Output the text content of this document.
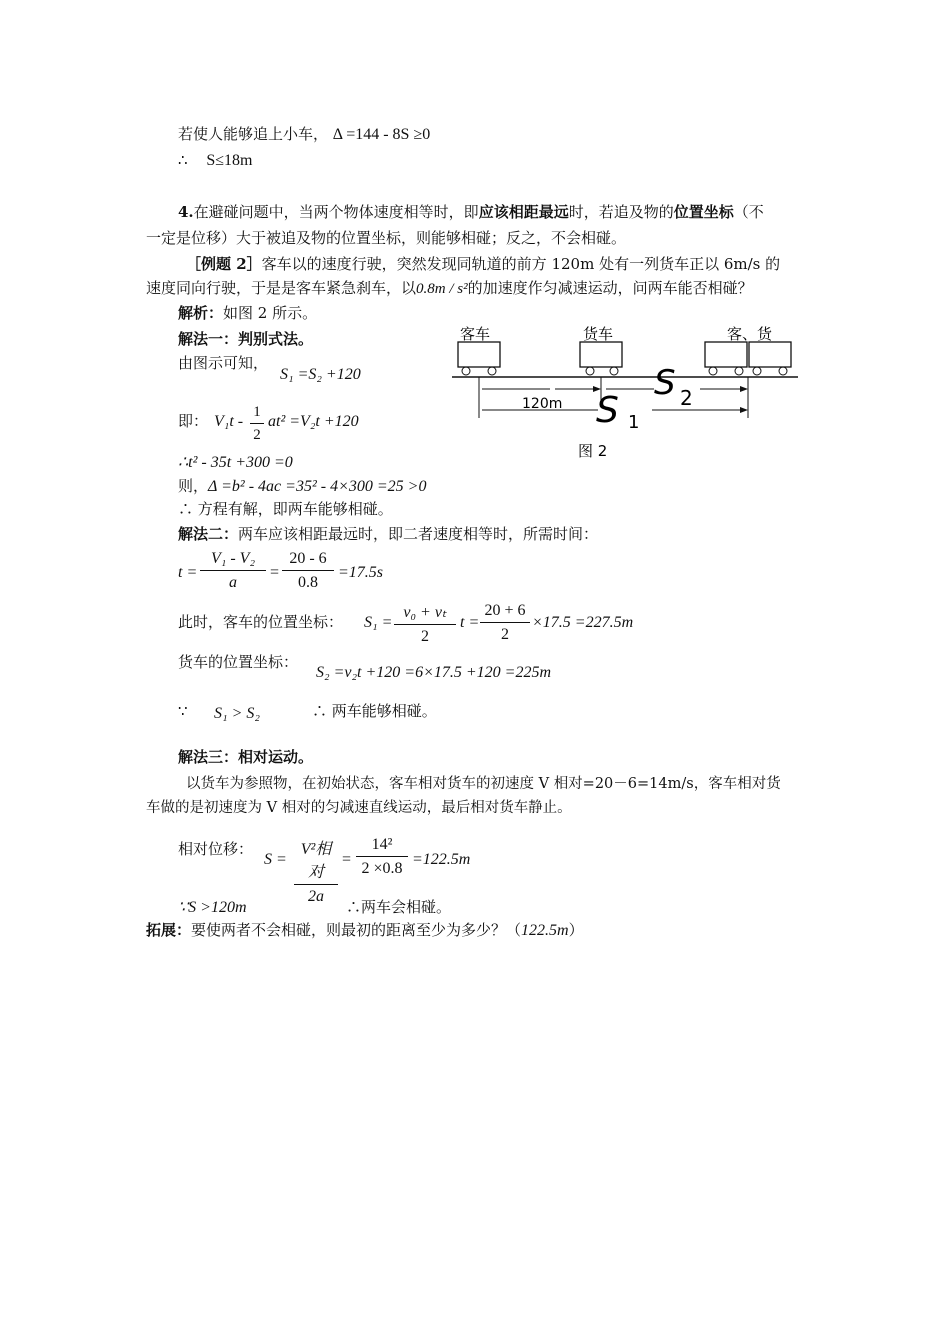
若使人能够追上小车， Δ =144 - 8S ≥0
∴ S≤18m
4.在避碰问题中，当两个物体速度相等时，即应该相距最远时，若追及物的位置坐标（不
一定是位移）大于被追及物的位置坐标，则能够相碰；反之，不会相碰。
［例题 2］客车以的速度行驶，突然发现同轨道的前方 120m 处有一列货车正以 6m/s 的
速度同向行驶，于是是客车紧急刹车，以0.8m / s²的加速度作匀减速运动，问两车能否相碰？
解析：如图 2 所示。
解法一：判别式法。
由图示可知，
S₁ =S₂ +120
即： $V_1t - \frac{1}{2} at^2 =V_2t +120$
∴t² - 35t +300 =0
则，Δ =b² - 4ac =35² - 4×300 =25 >0
∴ 方程有解，即两车能够相碰。
解法二：两车应该相距最远时，即二者速度相等时，所需时间：
$t = \frac{\text{V₁ - V₂}}{a} = \frac{20 - 6}{0.8} =17.5s$
此时，客车的位置坐标： $S_1 = \frac{\text{v₀ + vₜ}}{2}$ $t = \frac{20 + 6}{2} \times 17.5 =227.5m$
货车的位置坐标：
S₂ =v₂t +120 =6×17.5 +120 =225m
∵ S₁ > S₂	∴ 两车能够相碰。
解法三：相对运动。
以货车为参照物，在初始状态，客车相对货车的初速度 V 相对=20－6=14m/s，客车相对货
车做的是初速度为 V 相对的匀减速直线运动，最后相对货车静止。
相对位移：
S =
V²相对
2a
= $\frac{\text{14²}}{2 \times 0.8} =122.5m$
∵S >120m	∴两车会相碰。
拓展：要使两者不会相碰，则最初的距离至少为多少？（122.5m）
客车	货车	客、货
120m
S 2
S 1
图 2
